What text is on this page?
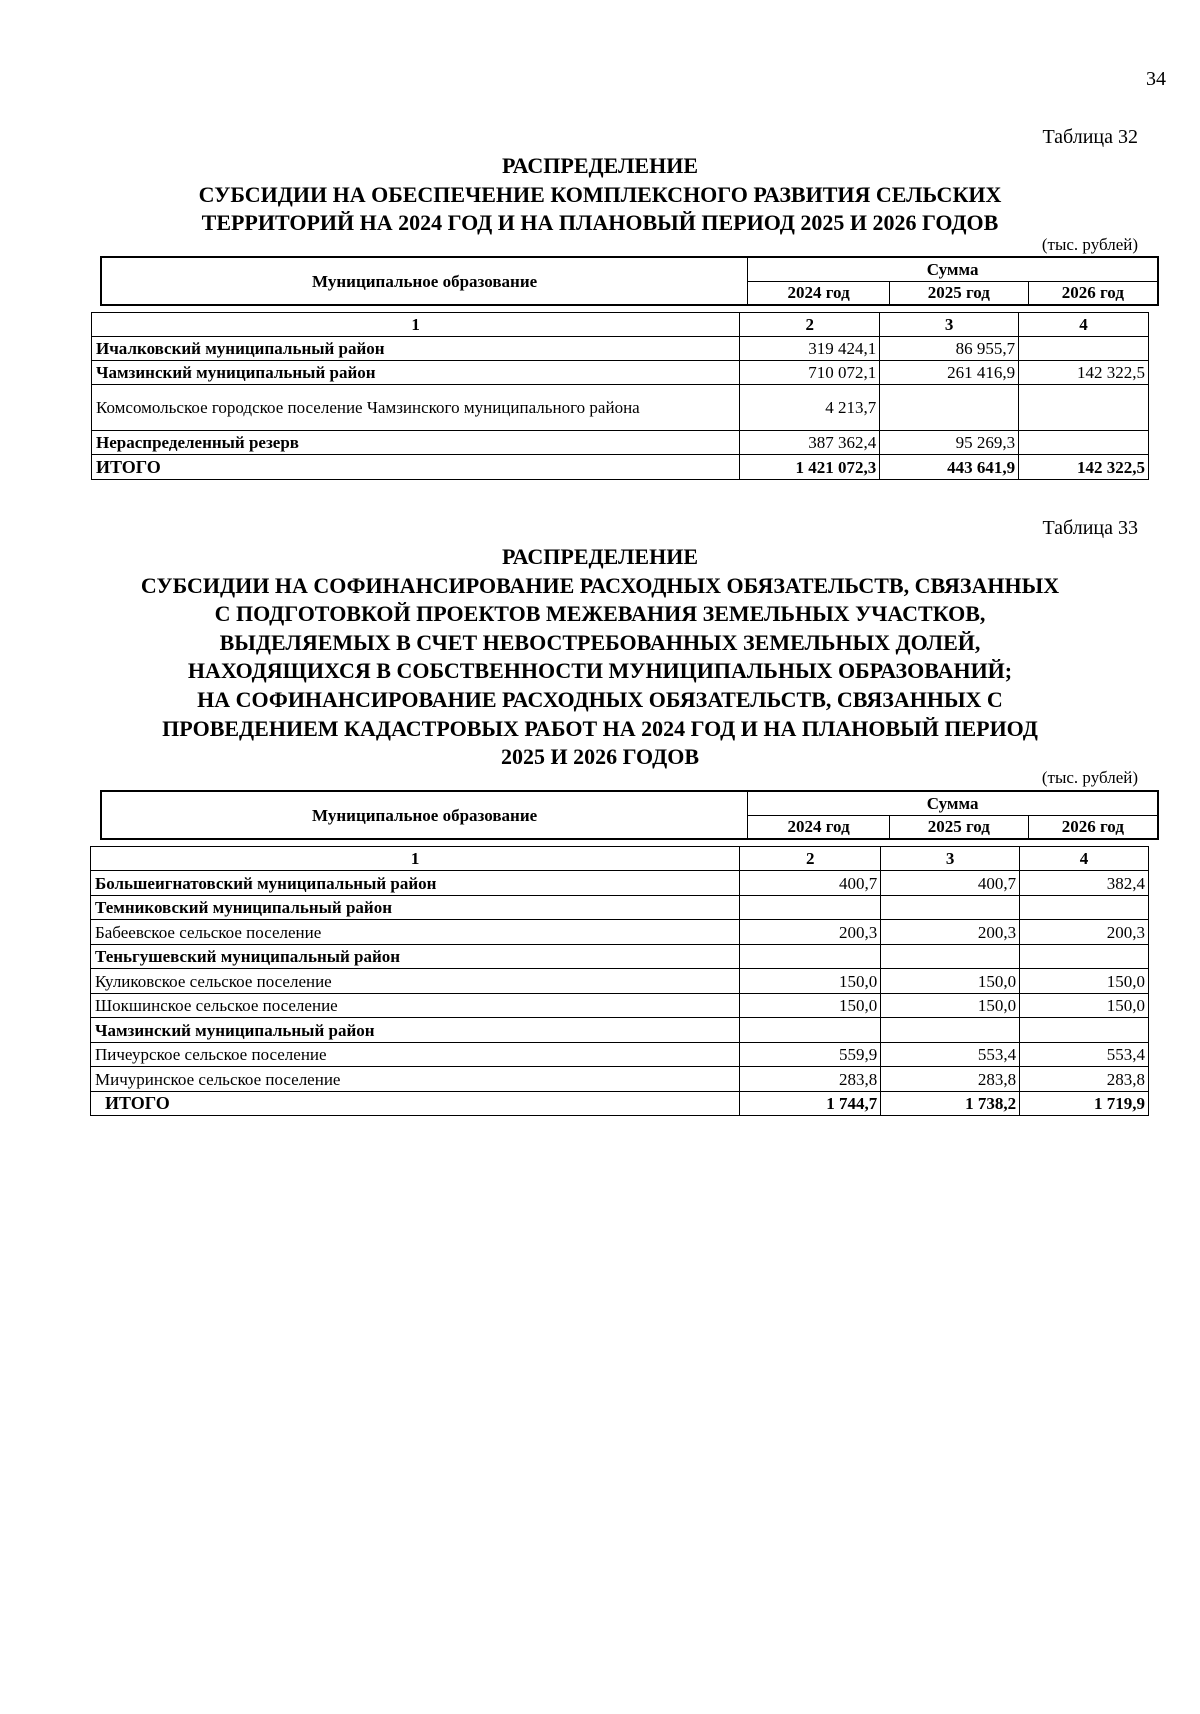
34
Таблица 32
РАСПРЕДЕЛЕНИЕ
СУБСИДИИ НА ОБЕСПЕЧЕНИЕ КОМПЛЕКСНОГО РАЗВИТИЯ СЕЛЬСКИХ
ТЕРРИТОРИЙ НА 2024 ГОД И НА ПЛАНОВЫЙ ПЕРИОД 2025 И 2026 ГОДОВ
(тыс. рублей)
Муниципальное образование	Сумма		
	2024 год	2025 год	2026 год
1	2	3	4
Ичалковский муниципальный район	319 424,1	86 955,7	
Чамзинский муниципальный район	710 072,1	261 416,9	142 322,5
Комсомольское городское поселение Чамзинского муниципального района	4 213,7		
Нераспределенный резерв	387 362,4	95 269,3	
ИТОГО	1 421 072,3	443 641,9	142 322,5
Таблица 33
РАСПРЕДЕЛЕНИЕ
СУБСИДИИ НА СОФИНАНСИРОВАНИЕ РАСХОДНЫХ ОБЯЗАТЕЛЬСТВ, СВЯЗАННЫХ
С ПОДГОТОВКОЙ ПРОЕКТОВ МЕЖЕВАНИЯ ЗЕМЕЛЬНЫХ УЧАСТКОВ,
ВЫДЕЛЯЕМЫХ В СЧЕТ НЕВОСТРЕБОВАННЫХ ЗЕМЕЛЬНЫХ ДОЛЕЙ,
НАХОДЯЩИХСЯ В СОБСТВЕННОСТИ МУНИЦИПАЛЬНЫХ ОБРАЗОВАНИЙ;
НА СОФИНАНСИРОВАНИЕ РАСХОДНЫХ ОБЯЗАТЕЛЬСТВ, СВЯЗАННЫХ С
ПРОВЕДЕНИЕМ КАДАСТРОВЫХ РАБОТ НА 2024 ГОД И НА ПЛАНОВЫЙ ПЕРИОД
2025 И 2026 ГОДОВ
(тыс. рублей)
Муниципальное образование	Сумма		
	2024 год	2025 год	2026 год
1	2	3	4
Большеигнатовский муниципальный район	400,7	400,7	382,4
Темниковский муниципальный район			
Бабеевское сельское поселение	200,3	200,3	200,3
Теньгушевский муниципальный район			
Куликовское сельское поселение	150,0	150,0	150,0
Шокшинское сельское поселение	150,0	150,0	150,0
Чамзинский муниципальный район			
Пичеурское сельское поселение	559,9	553,4	553,4
Мичуринское сельское поселение	283,8	283,8	283,8
ИТОГО	1 744,7	1 738,2	1 719,9
